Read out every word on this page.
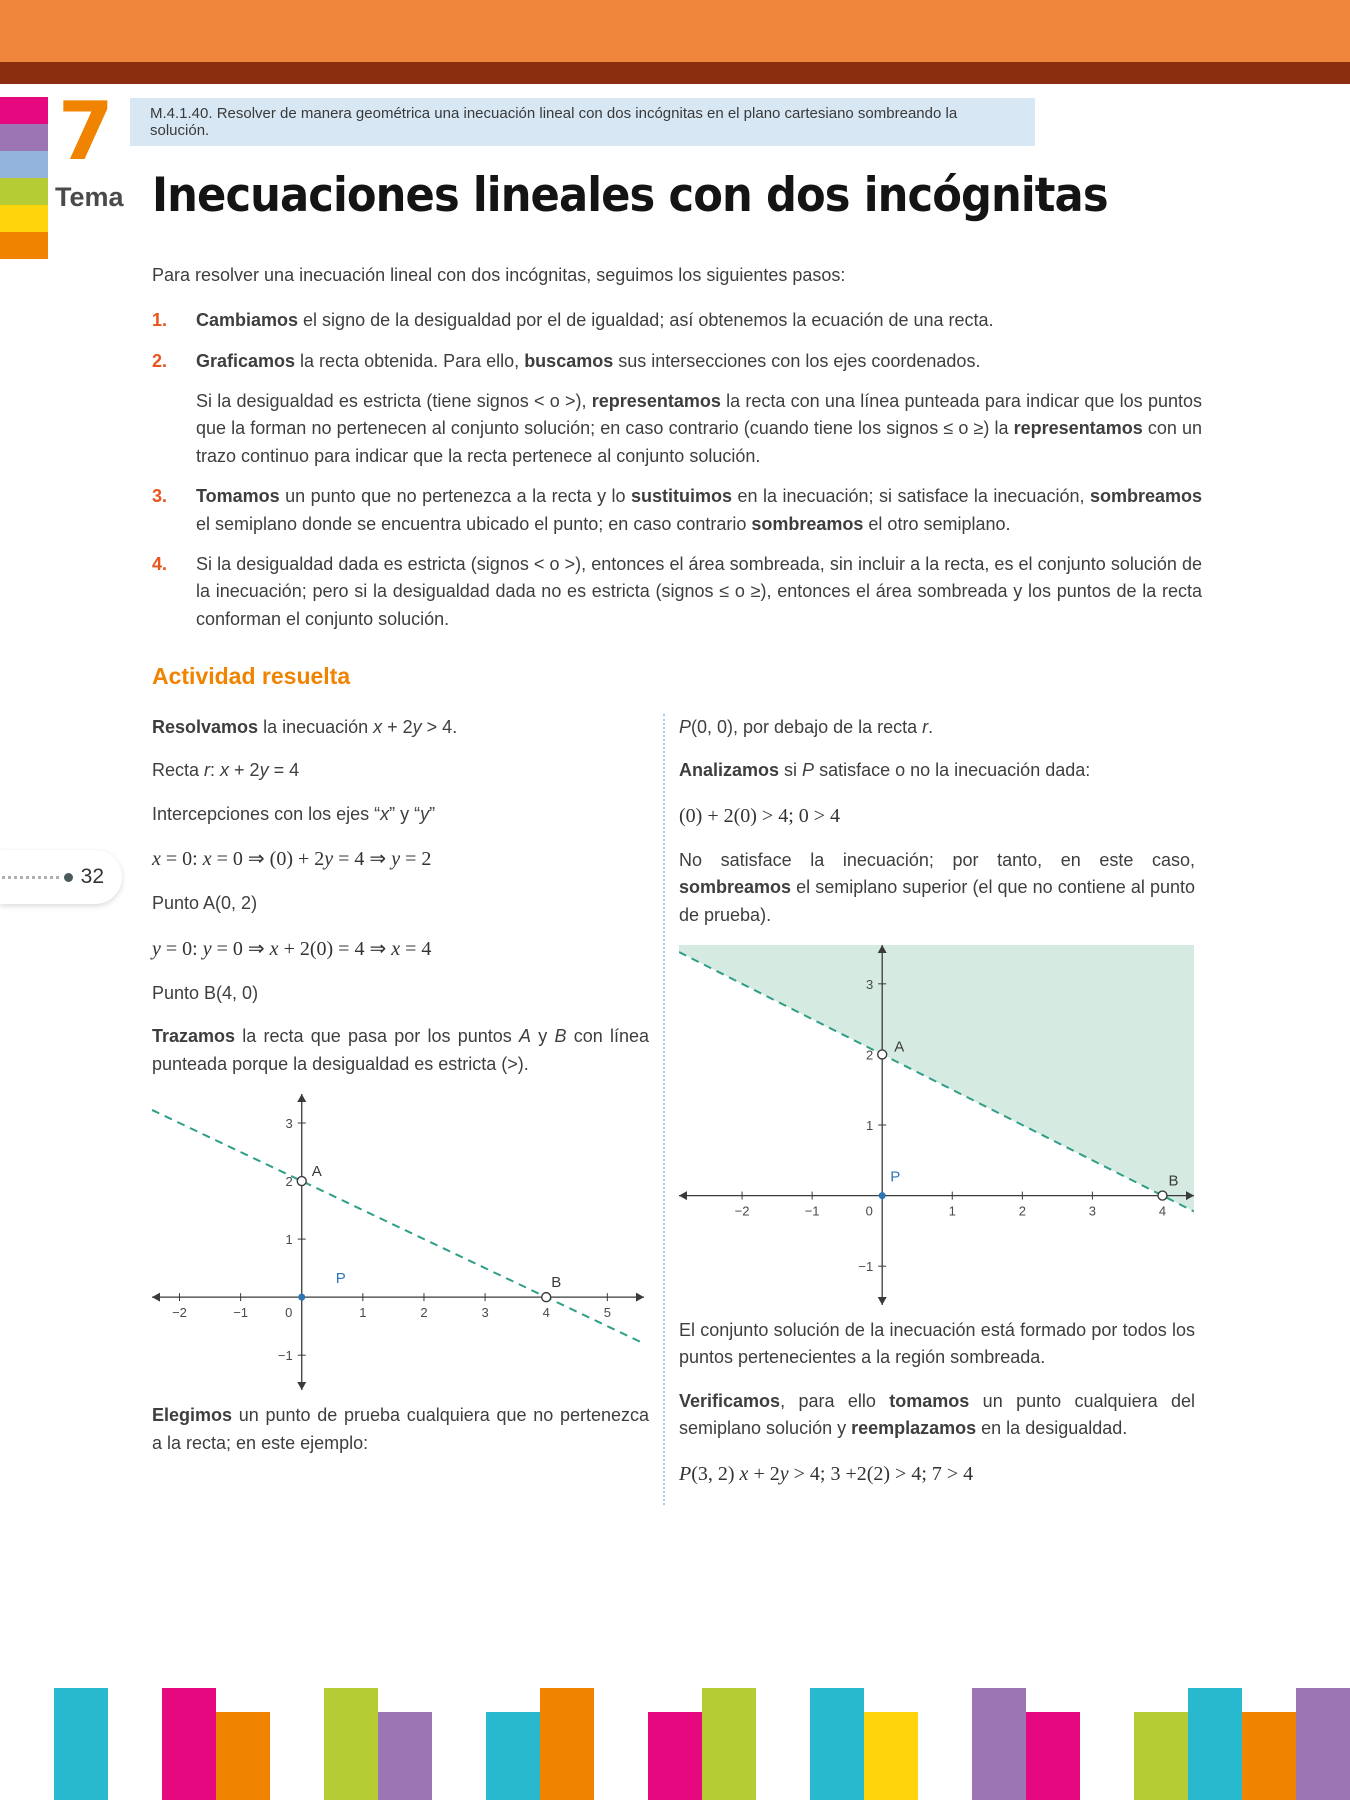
7
Tema
M.4.1.40. Resolver de manera geométrica una inecuación lineal con dos incógnitas en el plano cartesiano sombreando la solución.
Inecuaciones lineales con dos incógnitas

Para resolver una inecuación lineal con dos incógnitas, seguimos los siguientes pasos:

1.	Cambiamos el signo de la desigualdad por el de igualdad; así obtenemos la ecuación de una recta.

2.	Graficamos la recta obtenida. Para ello, buscamos sus intersecciones con los ejes coordenados.

Si la desigualdad es estricta (tiene signos < o >), representamos la recta con una línea punteada para indicar que los puntos que la forman no pertenecen al conjunto solución; en caso contrario (cuando tiene los signos ≤ o ≥) la representamos con un trazo continuo para indicar que la recta pertenece al conjunto solución.

3.	Tomamos un punto que no pertenezca a la recta y lo sustituimos en la inecuación; si satisface la inecuación, sombreamos el semiplano donde se encuentra ubicado el punto; en caso contrario sombreamos el otro semiplano.

4.	Si la desigualdad dada es estricta (signos < o >), entonces el área sombreada, sin incluir a la recta, es el conjunto solución de la inecuación; pero si la desigualdad dada no es estricta (signos ≤ o ≥), entonces el área sombreada y los puntos de la recta conforman el conjunto solución.

Actividad resuelta

Resolvamos la inecuación x + 2y > 4.

Recta r: x + 2y = 4

Intercepciones con los ejes “x” y “y”

x = 0: x = 0 ⇒ (0) + 2y = 4 ⇒ y = 2

Punto A(0, 2)

y = 0: y = 0 ⇒ x + 2(0) = 4 ⇒ x = 4

Punto B(4, 0)

Trazamos la recta que pasa por los puntos A y B con línea punteada porque la desigualdad es estricta (>).

−2	−1	0	1	2	3	4	5
−1
1
2
3
A
P	B

Elegimos un punto de prueba cualquiera que no pertenezca a la recta; en este ejemplo:

P(0, 0), por debajo de la recta r.

Analizamos si P satisface o no la inecuación dada:

(0) + 2(0) > 4; 0 > 4

No satisface la inecuación; por tanto, en este caso, sombreamos el semiplano superior (el que no contiene al punto de prueba).

−2	−1	0	1	2	3	4
−1
1
2
3
A
P	B

El conjunto solución de la inecuación está formado por todos los puntos pertenecientes a la región sombreada.

Verificamos, para ello tomamos un punto cualquiera del semiplano solución y reemplazamos en la desigualdad.

P(3, 2) x + 2y > 4; 3 +2(2) > 4; 7 > 4

32
